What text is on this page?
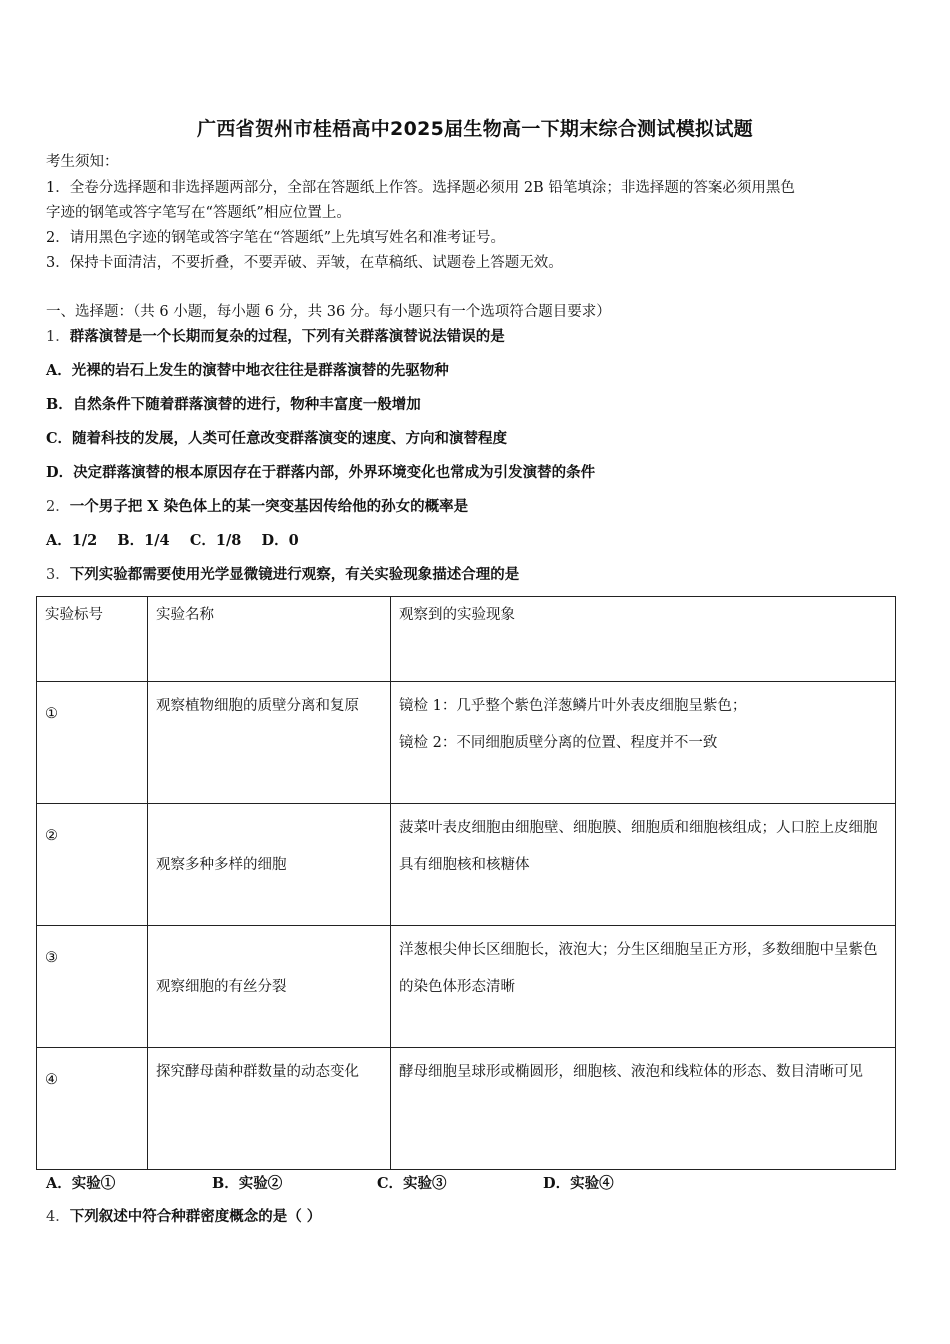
广西省贺州市桂梧高中2025届生物高一下期末综合测试模拟试题
考生须知：
1．全卷分选择题和非选择题两部分，全部在答题纸上作答。选择题必须用 2B 铅笔填涂；非选择题的答案必须用黑色
字迹的钢笔或答字笔写在“答题纸”相应位置上。
2．请用黑色字迹的钢笔或答字笔在“答题纸”上先填写姓名和准考证号。
3．保持卡面清洁，不要折叠，不要弄破、弄皱，在草稿纸、试题卷上答题无效。
一、选择题：（共 6 小题，每小题 6 分，共 36 分。每小题只有一个选项符合题目要求）
1．群落演替是一个长期而复杂的过程，下列有关群落演替说法错误的是
A．光裸的岩石上发生的演替中地衣往往是群落演替的先驱物种
B．自然条件下随着群落演替的进行，物种丰富度一般增加
C．随着科技的发展，人类可任意改变群落演变的速度、方向和演替程度
D．决定群落演替的根本原因存在于群落内部，外界环境变化也常成为引发演替的条件
2．一个男子把 X 染色体上的某一突变基因传给他的孙女的概率是
A．1/2    B．1/4    C．1/8    D．0
3．下列实验都需要使用光学显微镜进行观察，有关实验现象描述合理的是
实验标号	实验名称	观察到的实验现象
①	观察植物细胞的质壁分离和复原	镜检 1：几乎整个紫色洋葱鳞片叶外表皮细胞呈紫色；
镜检 2：不同细胞质壁分离的位置、程度并不一致

②	观察多种多样的细胞	菠菜叶表皮细胞由细胞壁、细胞膜、细胞质和细胞核组成；人口腔上皮细胞具有细胞核和核糖体
③	观察细胞的有丝分裂	洋葱根尖伸长区细胞长，液泡大；分生区细胞呈正方形，多数细胞中呈紫色的染色体形态清晰
④	探究酵母菌种群数量的动态变化	酵母细胞呈球形或椭圆形，细胞核、液泡和线粒体的形态、数目清晰可见
A．实验①	B．实验②	C．实验③	D．实验④
4．下列叙述中符合种群密度概念的是（ ）
